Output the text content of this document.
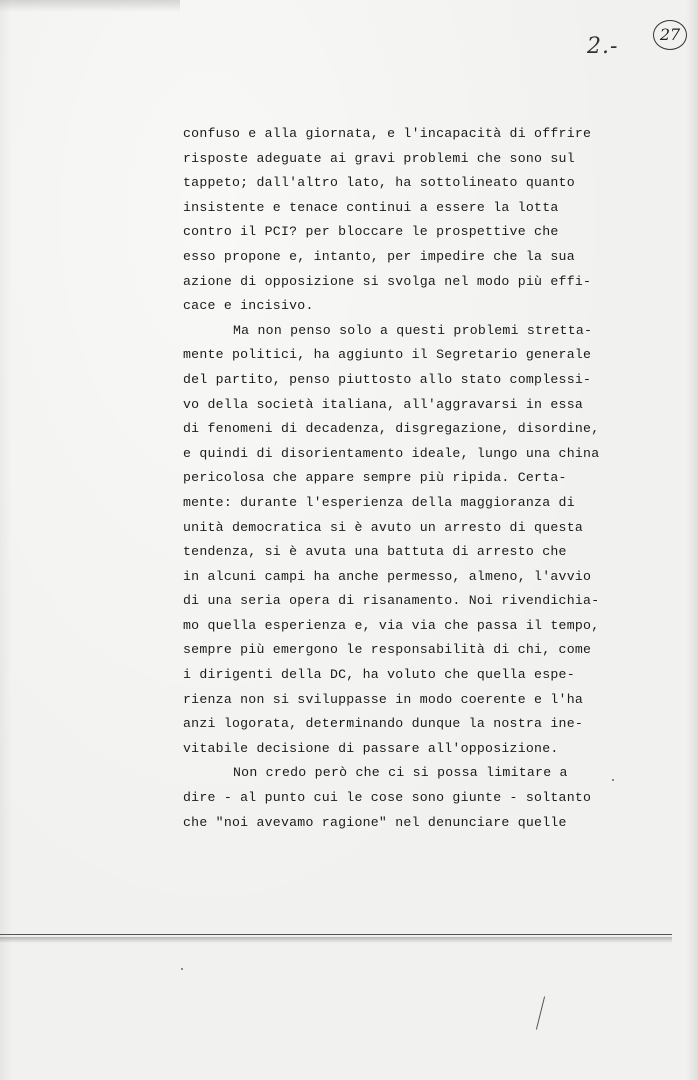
2.-	27
confuso e alla giornata, e l'incapacità di offrire
risposte adeguate ai gravi problemi che sono sul
tappeto; dall'altro lato, ha sottolineato quanto
insistente e tenace continui a essere la lotta
contro il PCI? per bloccare le prospettive che
esso propone e, intanto, per impedire che la sua
azione di opposizione si svolga nel modo più effi-
cace e incisivo.
Ma non penso solo a questi problemi stretta-
mente politici, ha aggiunto il Segretario generale
del partito, penso piuttosto allo stato complessi-
vo della società italiana, all'aggravarsi in essa
di fenomeni di decadenza, disgregazione, disordine,
e quindi di disorientamento ideale, lungo una china
pericolosa che appare sempre più ripida. Certa-
mente: durante l'esperienza della maggioranza di
unità democratica si è avuto un arresto di questa
tendenza, si è avuta una battuta di arresto che
in alcuni campi ha anche permesso, almeno, l'avvio
di una seria opera di risanamento. Noi rivendichia-
mo quella esperienza e, via via che passa il tempo,
sempre più emergono le responsabilità di chi, come
i dirigenti della DC, ha voluto che quella espe-
rienza non si sviluppasse in modo coerente e l'ha
anzi logorata, determinando dunque la nostra ine-
vitabile decisione di passare all'opposizione.
Non credo però che ci si possa limitare a
dire - al punto cui le cose sono giunte - soltanto
che "noi avevamo ragione" nel denunciare quelle
